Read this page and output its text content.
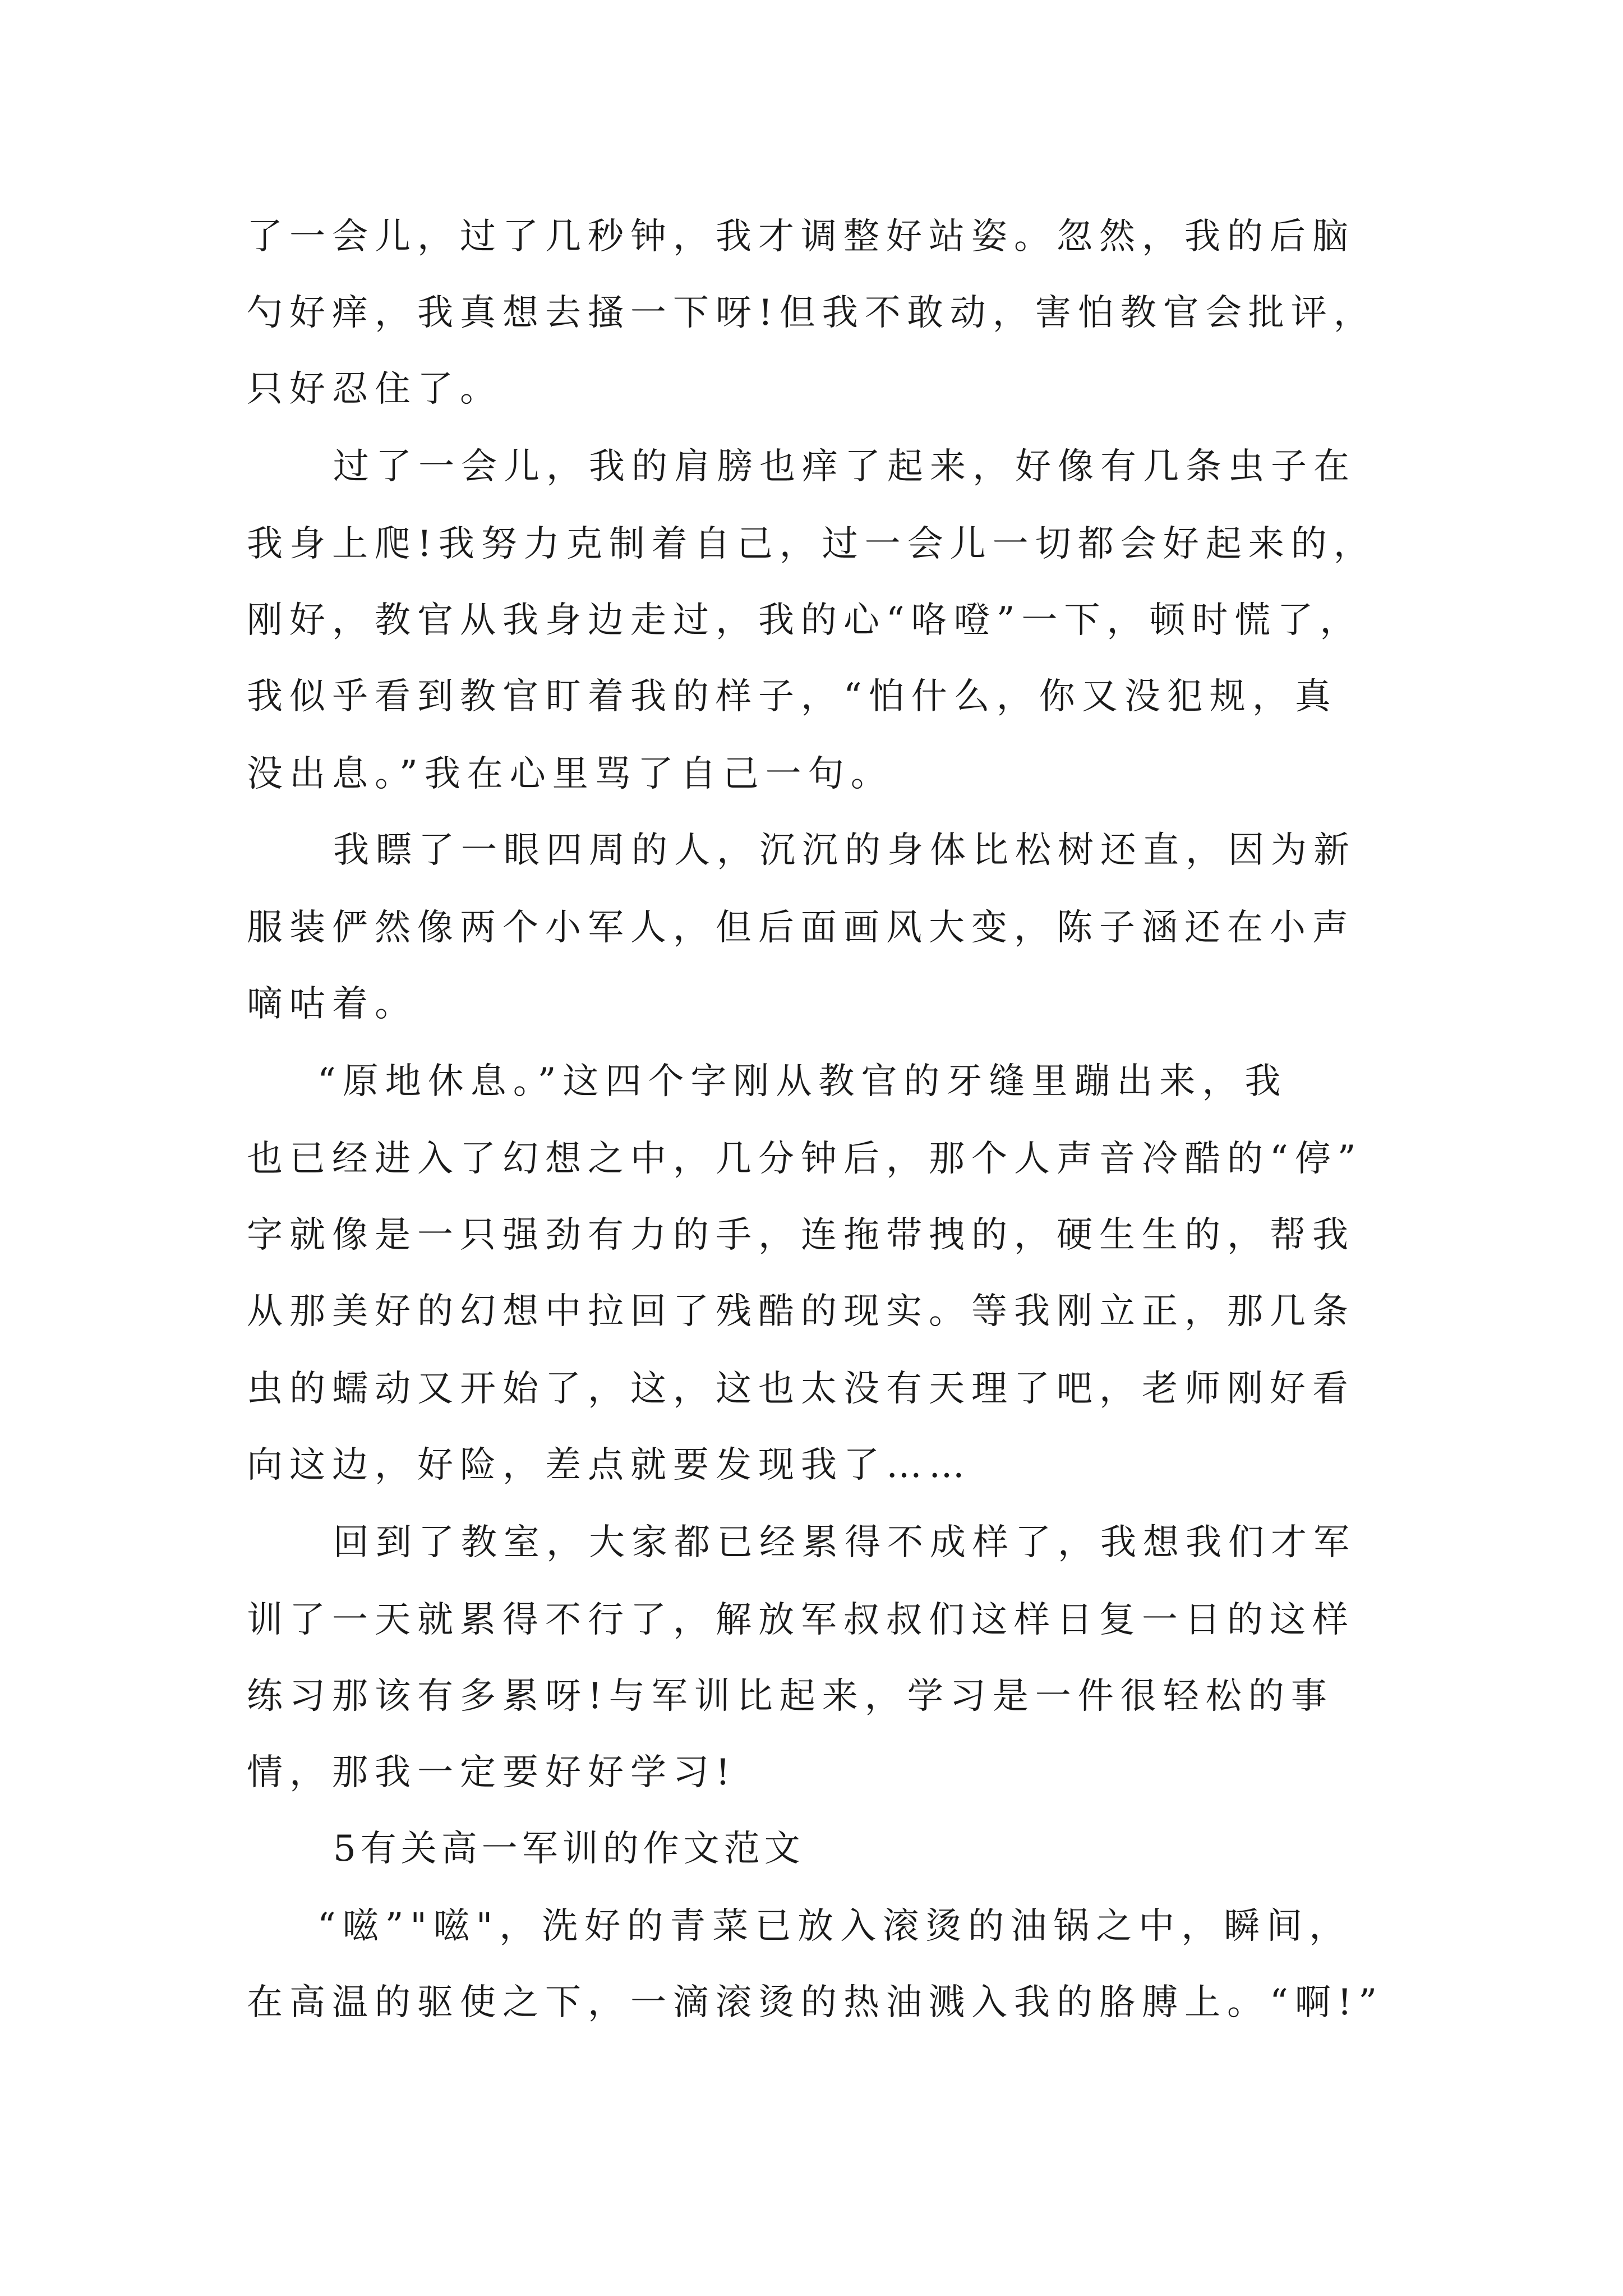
了一会儿，过了几秒钟，我才调整好站姿。忽然，我的后脑
勺好痒，我真想去搔一下呀!但我不敢动，害怕教官会批评，
只好忍住了。
过了一会儿，我的肩膀也痒了起来，好像有几条虫子在
我身上爬!我努力克制着自己，过一会儿一切都会好起来的，
刚好，教官从我身边走过，我的心“咯噔”一下，顿时慌了，
我似乎看到教官盯着我的样子，“怕什么，你又没犯规，真
没出息。”我在心里骂了自己一句。
我瞟了一眼四周的人，沉沉的身体比松树还直，因为新
服装俨然像两个小军人，但后面画风大变，陈子涵还在小声
嘀咕着。
“原地休息。”这四个字刚从教官的牙缝里蹦出来，我
也已经进入了幻想之中，几分钟后，那个人声音冷酷的“停”
字就像是一只强劲有力的手，连拖带拽的，硬生生的，帮我
从那美好的幻想中拉回了残酷的现实。等我刚立正，那几条
虫的蠕动又开始了，这，这也太没有天理了吧，老师刚好看
向这边，好险，差点就要发现我了……
回到了教室，大家都已经累得不成样了，我想我们才军
训了一天就累得不行了，解放军叔叔们这样日复一日的这样
练习那该有多累呀!与军训比起来，学习是一件很轻松的事
情，那我一定要好好学习!
5有关高一军训的作文范文
“嗞”"嗞"，洗好的青菜已放入滚烫的油锅之中，瞬间，
在高温的驱使之下，一滴滚烫的热油溅入我的胳膊上。“啊!”
